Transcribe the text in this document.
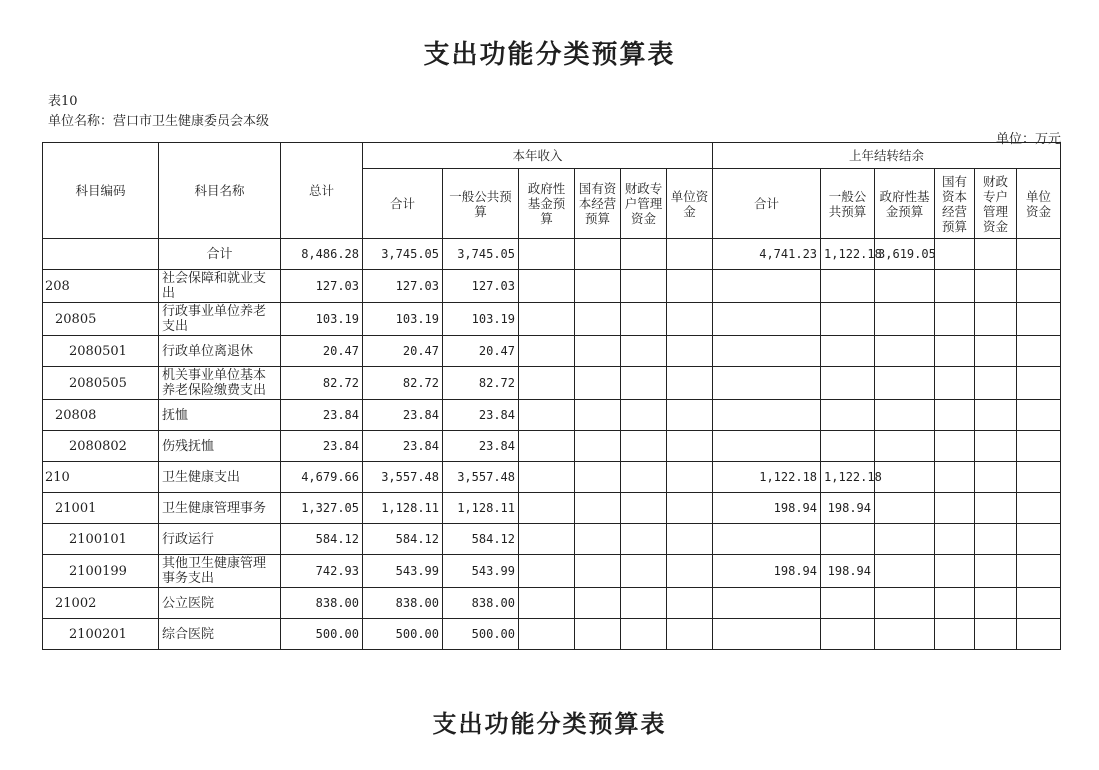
支出功能分类预算表
表10
单位名称：营口市卫生健康委员会本级
单位：万元
科目编码	科目名称	总计	本年收入						上年结转结余					
			合计	一般公共预算	政府性基金预算	国有资本经营预算	财政专户管理资金	单位资金	合计	一般公共预算	政府性基金预算	国有资本经营预算	财政专户管理资金	单位资金
	合计	8,486.28	3,745.05	3,745.05					4,741.23	1,122.18	3,619.05			
208	社会保障和就业支出	127.03	127.03	127.03										
20805	行政事业单位养老支出	103.19	103.19	103.19										
2080501	行政单位离退休	20.47	20.47	20.47										
2080505	机关事业单位基本养老保险缴费支出	82.72	82.72	82.72										
20808	抚恤	23.84	23.84	23.84										
2080802	伤残抚恤	23.84	23.84	23.84										
210	卫生健康支出	4,679.66	3,557.48	3,557.48					1,122.18	1,122.18				
21001	卫生健康管理事务	1,327.05	1,128.11	1,128.11					198.94	198.94				
2100101	行政运行	584.12	584.12	584.12										
2100199	其他卫生健康管理事务支出	742.93	543.99	543.99					198.94	198.94				
21002	公立医院	838.00	838.00	838.00										
2100201	综合医院	500.00	500.00	500.00										
支出功能分类预算表
